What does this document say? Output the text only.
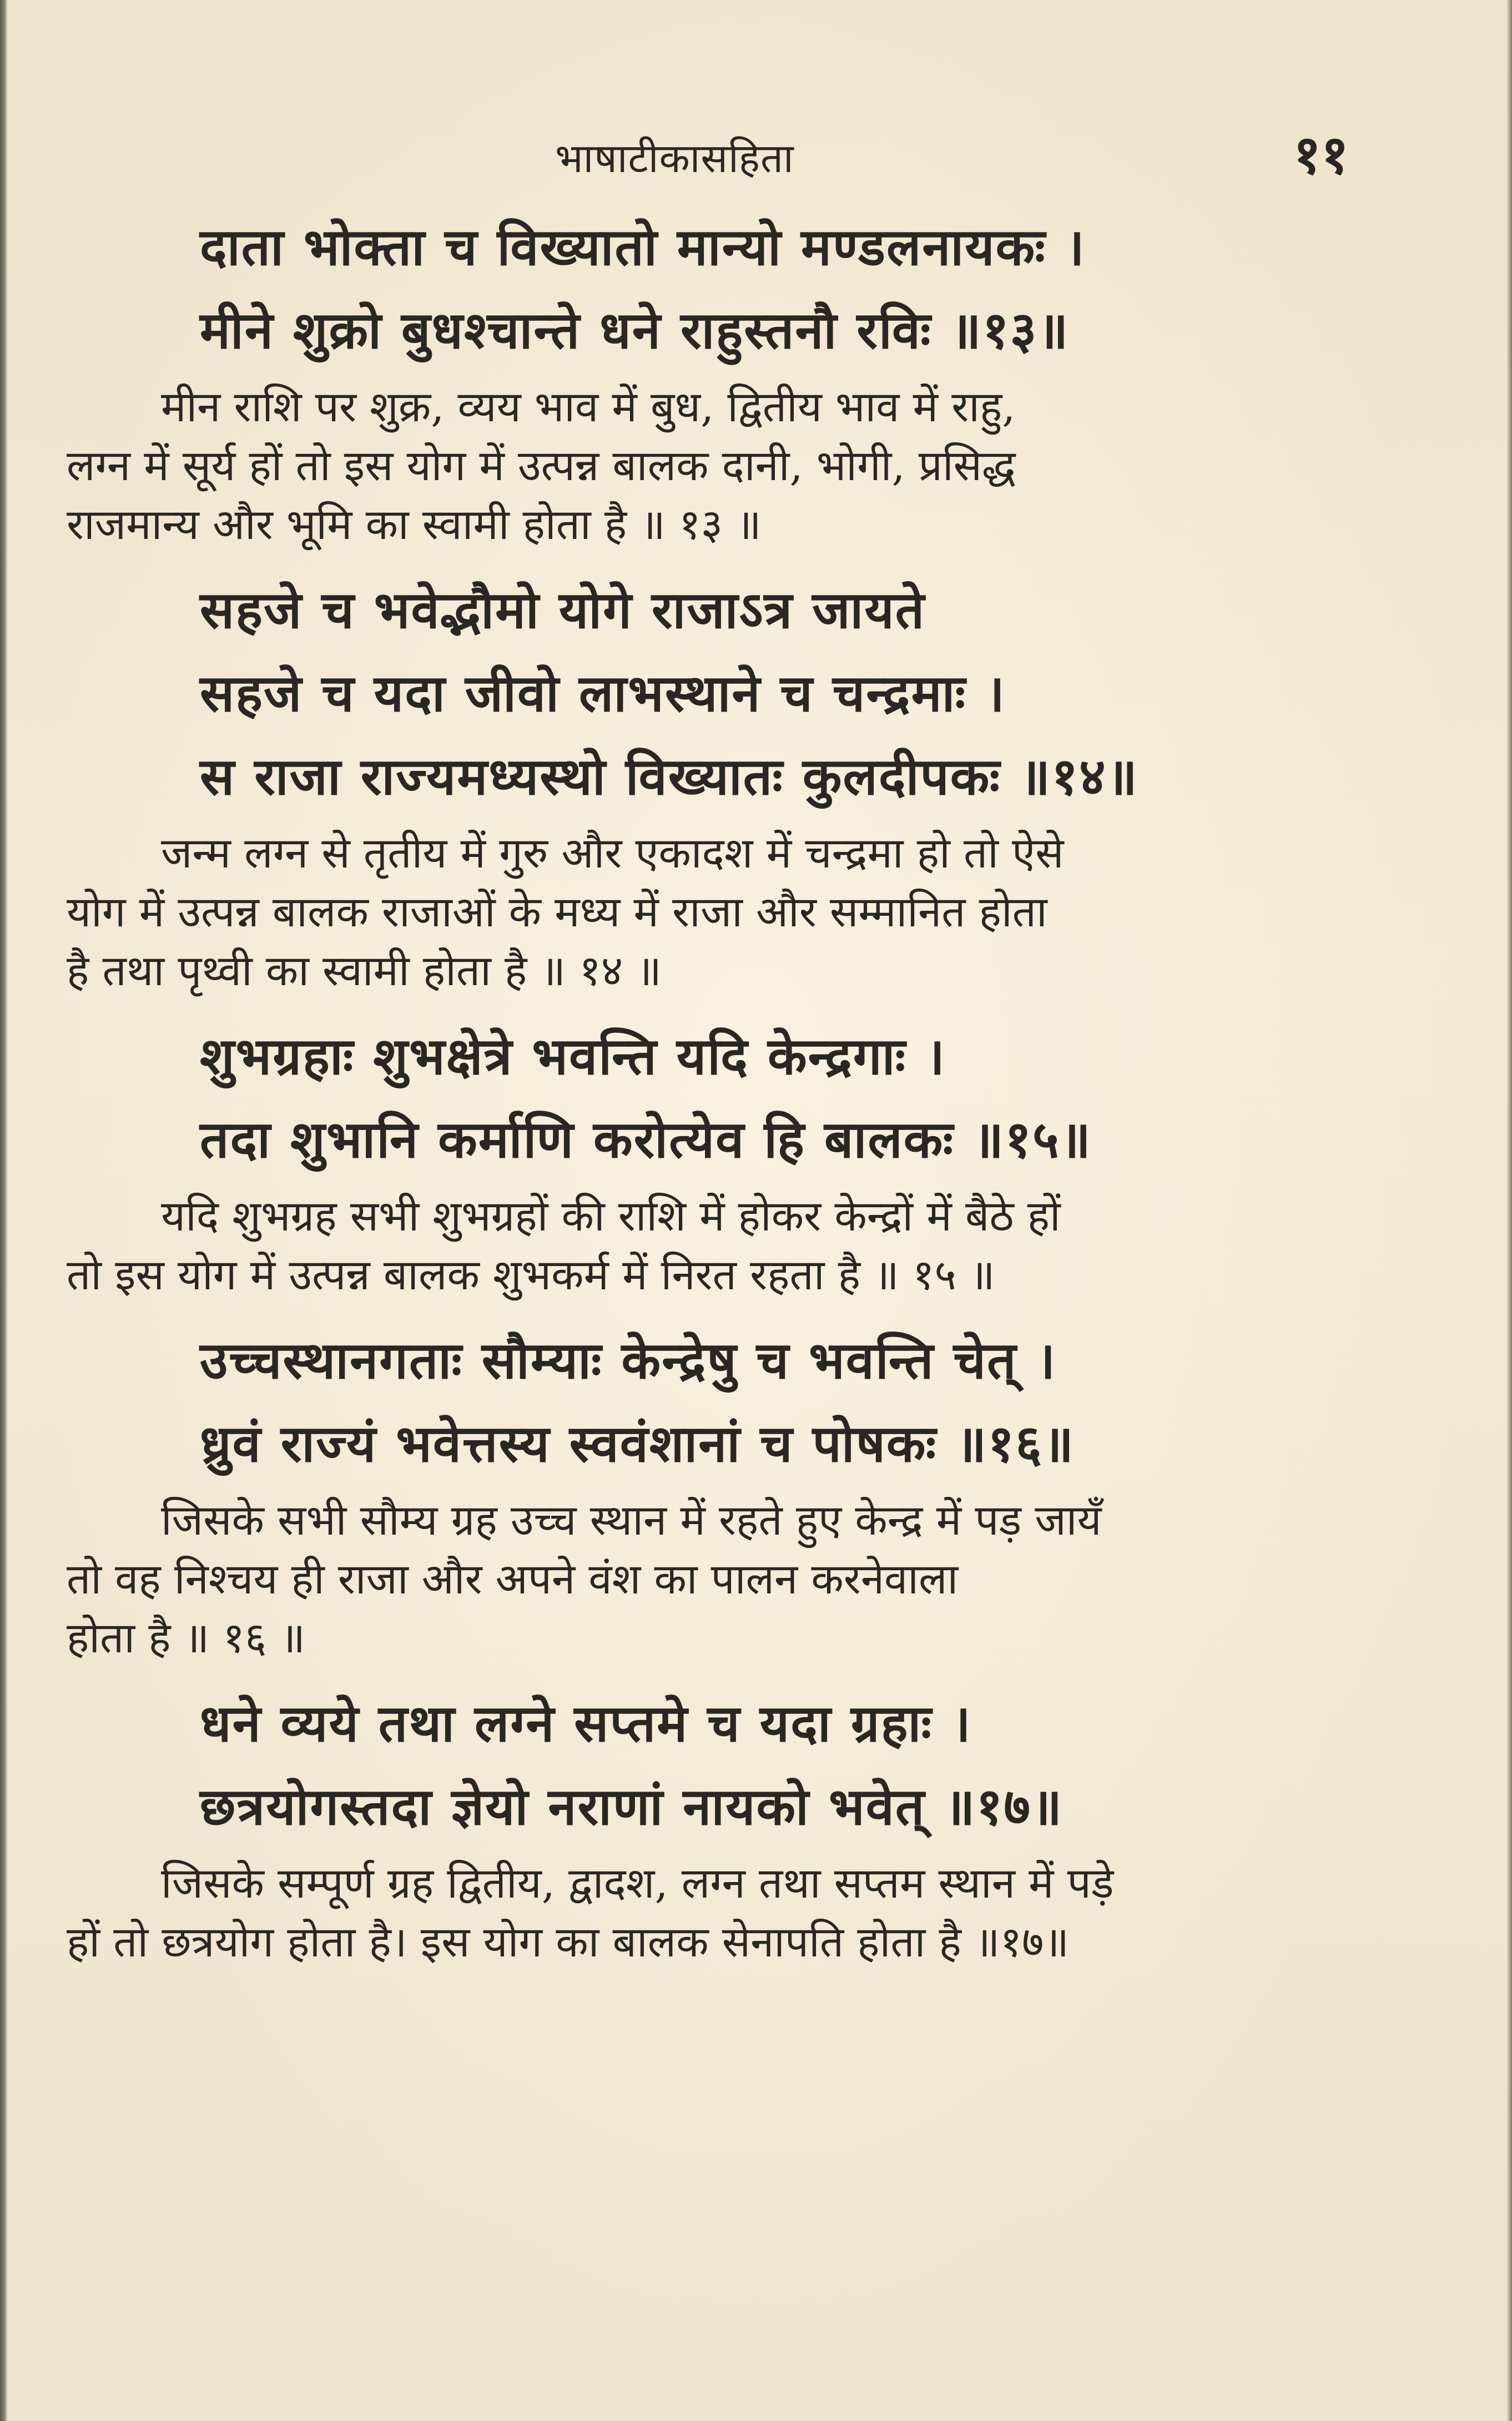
भाषाटीकासहिता	११
दाता भोक्ता च विख्यातो मान्यो मण्डलनायकः ।
मीने शुक्रो बुधश्चान्ते धने राहुस्तनौ रविः ॥१३॥
मीन राशि पर शुक्र, व्यय भाव में बुध, द्वितीय भाव में राहु,
लग्न में सूर्य हों तो इस योग में उत्पन्न बालक दानी, भोगी, प्रसिद्ध
राजमान्य और भूमि का स्वामी होता है ॥ १३ ॥
सहजे च भवेद्भौमो योगे राजाऽत्र जायते
सहजे च यदा जीवो लाभस्थाने च चन्द्रमाः ।
स राजा राज्यमध्यस्थो विख्यातः कुलदीपकः ॥१४॥
जन्म लग्न से तृतीय में गुरु और एकादश में चन्द्रमा हो तो ऐसे
योग में उत्पन्न बालक राजाओं के मध्य में राजा और सम्मानित होता
है तथा पृथ्वी का स्वामी होता है ॥ १४ ॥
शुभग्रहाः शुभक्षेत्रे भवन्ति यदि केन्द्रगाः ।
तदा शुभानि कर्माणि करोत्येव हि बालकः ॥१५॥
यदि शुभग्रह सभी शुभग्रहों की राशि में होकर केन्द्रों में बैठे हों
तो इस योग में उत्पन्न बालक शुभकर्म में निरत रहता है ॥ १५ ॥
उच्चस्थानगताः सौम्याः केन्द्रेषु च भवन्ति चेत् ।
ध्रुवं राज्यं भवेत्तस्य स्ववंशानां च पोषकः ॥१६॥
जिसके सभी सौम्य ग्रह उच्च स्थान में रहते हुए केन्द्र में पड़ जायँ
तो वह निश्चय ही राजा और अपने वंश का पालन करनेवाला
होता है ॥ १६ ॥
धने व्यये तथा लग्ने सप्तमे च यदा ग्रहाः ।
छत्रयोगस्तदा ज्ञेयो नराणां नायको भवेत् ॥१७॥
जिसके सम्पूर्ण ग्रह द्वितीय, द्वादश, लग्न तथा सप्तम स्थान में पड़े
हों तो छत्रयोग होता है। इस योग का बालक सेनापति होता है ॥१७॥
